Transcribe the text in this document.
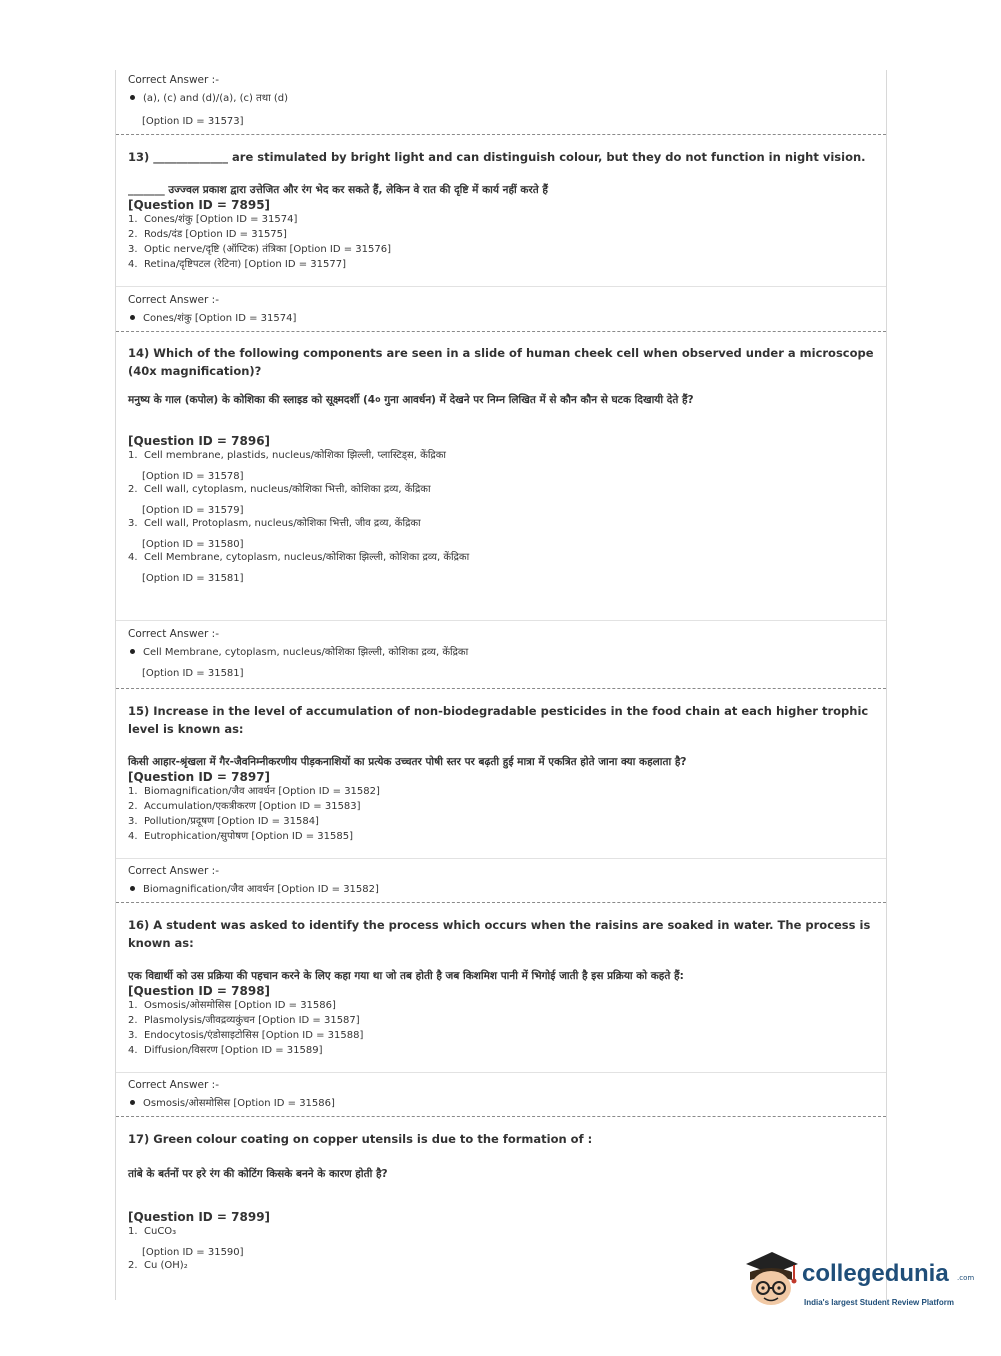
Correct Answer :-
(a), (c) and (d)/(a), (c) तथा (d)
[Option ID = 31573]
13) _____________ are stimulated by bright light and can distinguish colour, but they do not function in night vision.
_______ उज्ज्वल प्रकाश द्वारा उत्तेजित और रंग भेद कर सकते हैं, लेकिन वे रात की दृष्टि में कार्य नहीं करते हैं
[Question ID = 7895]
1. Cones/शंकु [Option ID = 31574]
2. Rods/दंड [Option ID = 31575]
3. Optic nerve/दृष्टि (ऑप्टिक) तंत्रिका [Option ID = 31576]
4. Retina/दृष्टिपटल (रेटिना) [Option ID = 31577]
Correct Answer :-
Cones/शंकु [Option ID = 31574]
14) Which of the following components are seen in a slide of human cheek cell when observed under a microscope (40x magnification)?
मनुष्य के गाल (कपोल) के कोशिका की स्लाइड को सूक्ष्मदर्शी (4० गुना आवर्धन) में देखने पर निम्न लिखित में से कौन कौन से घटक दिखायी देते हैं?
[Question ID = 7896]
1. Cell membrane, plastids, nucleus/कोशिका झिल्ली, प्लास्टिड्स, केंद्रिका
[Option ID = 31578]
2. Cell wall, cytoplasm, nucleus/कोशिका भित्ती, कोशिका द्रव्य, केंद्रिका
[Option ID = 31579]
3. Cell wall, Protoplasm, nucleus/कोशिका भित्ती, जीव द्रव्य, केंद्रिका
[Option ID = 31580]
4. Cell Membrane, cytoplasm, nucleus/कोशिका झिल्ली, कोशिका द्रव्य, केंद्रिका
[Option ID = 31581]
Correct Answer :-
Cell Membrane, cytoplasm, nucleus/कोशिका झिल्ली, कोशिका द्रव्य, केंद्रिका
[Option ID = 31581]
15) Increase in the level of accumulation of non-biodegradable pesticides in the food chain at each higher trophic level is known as:
किसी आहार-श्रृंखला में गैर-जैवनिम्नीकरणीय पीड़कनाशियों का प्रत्येक उच्चतर पोषी स्तर पर बढ़ती हुई मात्रा में एकत्रित होते जाना क्या कहलाता है?
[Question ID = 7897]
1. Biomagnification/जैव आवर्धन [Option ID = 31582]
2. Accumulation/एकत्रीकरण [Option ID = 31583]
3. Pollution/प्रदूषण [Option ID = 31584]
4. Eutrophication/सुपोषण [Option ID = 31585]
Correct Answer :-
Biomagnification/जैव आवर्धन [Option ID = 31582]
16) A student was asked to identify the process which occurs when the raisins are soaked in water. The process is known as:
एक विद्यार्थी को उस प्रक्रिया की पहचान करने के लिए कहा गया था जो तब होती है जब किशमिश पानी में भिगोई जाती है इस प्रक्रिया को कहते हैं:
[Question ID = 7898]
1. Osmosis/ओसमोसिस [Option ID = 31586]
2. Plasmolysis/जीवद्रव्यकुंचन [Option ID = 31587]
3. Endocytosis/एंडोसाइटोसिस [Option ID = 31588]
4. Diffusion/विसरण [Option ID = 31589]
Correct Answer :-
Osmosis/ओसमोसिस [Option ID = 31586]
17) Green colour coating on copper utensils is due to the formation of :
तांबे के बर्तनों पर हरे रंग की कोटिंग किसके बनने के कारण होती है?
[Question ID = 7899]
1. CuCO₃
[Option ID = 31590]
2. Cu (OH)₂	collegedunia .com
India's largest Student Review Platform
